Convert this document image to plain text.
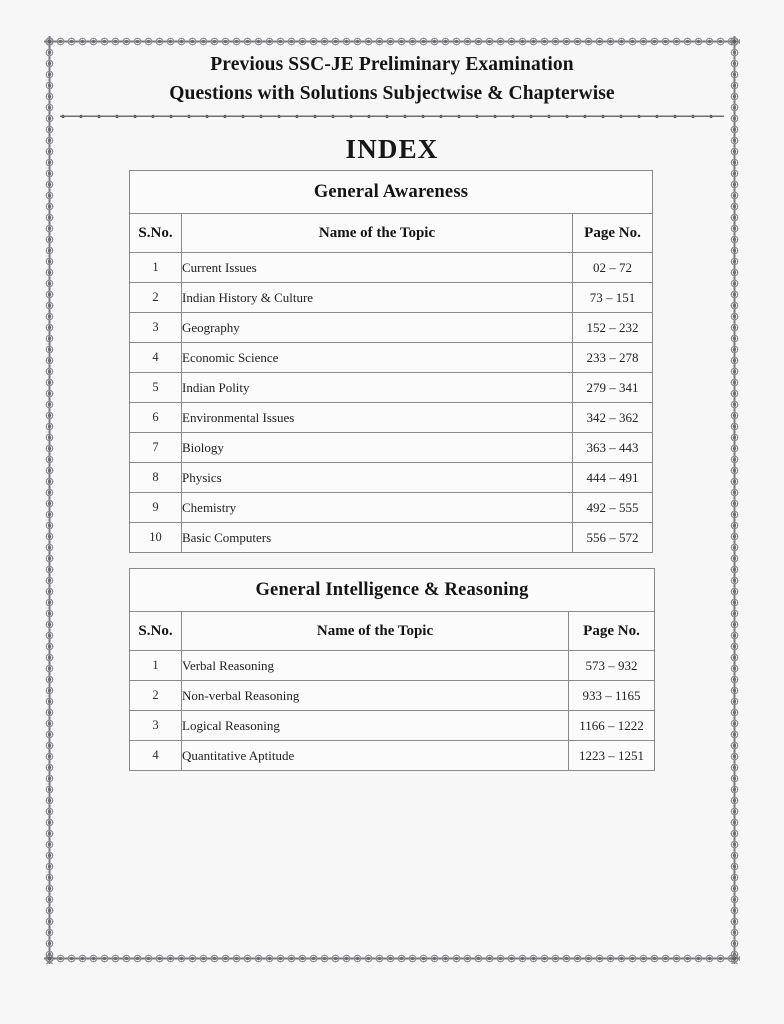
Previous SSC-JE Preliminary Examination
Questions with Solutions Subjectwise & Chapterwise
INDEX
General Awareness		
S.No.	Name of the Topic	Page No.
1	Current Issues	02 – 72
2	Indian History & Culture	73 – 151
3	Geography	152 – 232
4	Economic Science	233 – 278
5	Indian Polity	279 – 341
6	Environmental Issues	342 – 362
7	Biology	363 – 443
8	Physics	444 – 491
9	Chemistry	492 – 555
10	Basic Computers	556 – 572
General Intelligence & Reasoning		
S.No.	Name of the Topic	Page No.
1	Verbal Reasoning	573 – 932
2	Non-verbal Reasoning	933 – 1165
3	Logical Reasoning	1166 – 1222
4	Quantitative Aptitude	1223 – 1251
